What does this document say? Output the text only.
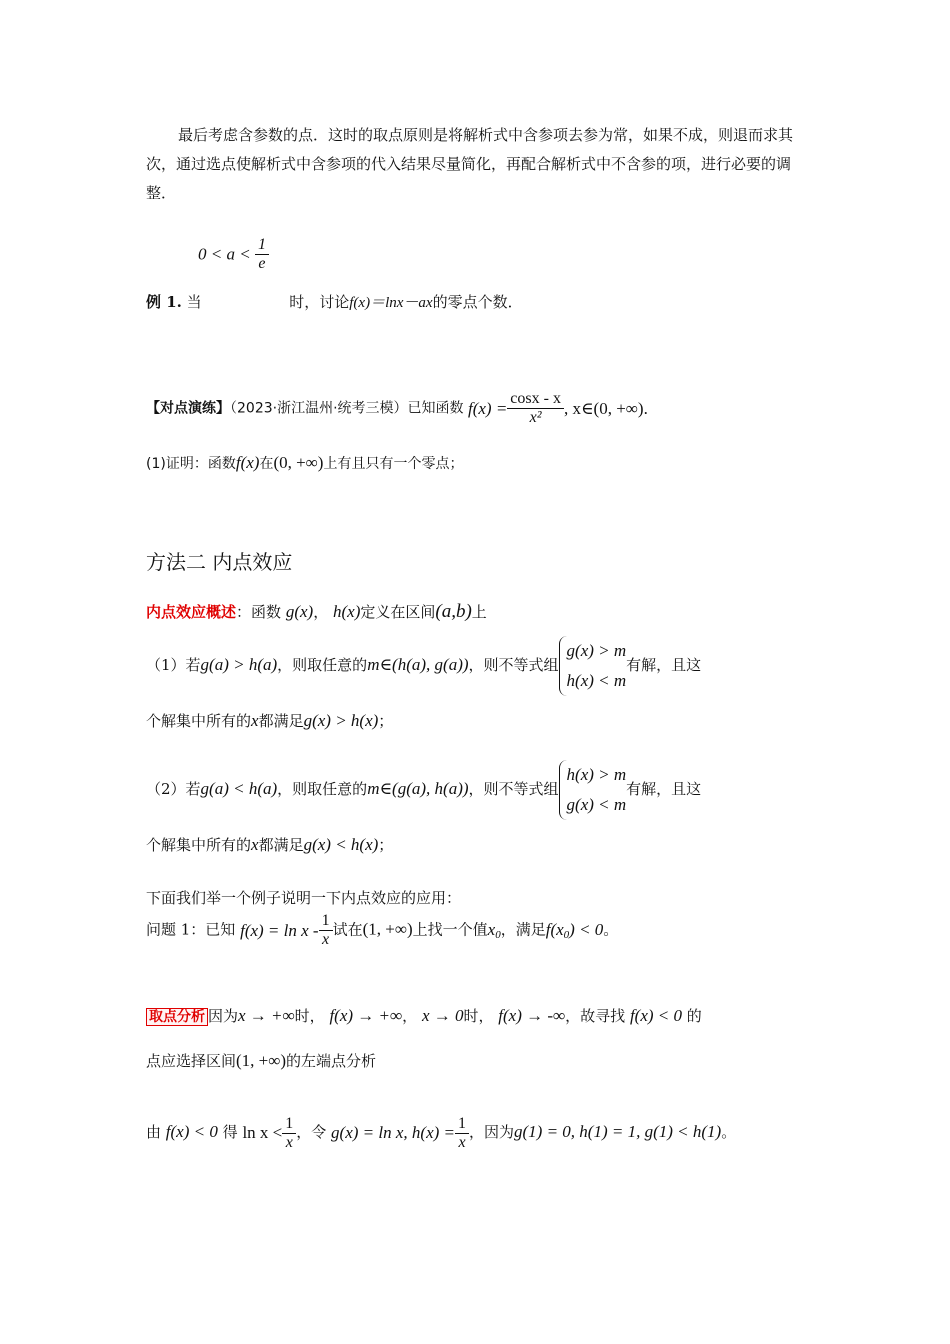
最后考虑含参数的点．这时的取点原则是将解析式中含参项去参为常，如果不成，则退而求其次，通过选点使解析式中含参项的代入结果尽量简化，再配合解析式中不含参的项，进行必要的调整．
$0 < a < \frac{1}{e}$
例 1. 当	时，讨论f(x)＝lnx－ax的零点个数．
【对点演练】（2023·浙江温州·统考三模）已知函数 $f(x) = \frac{\cos x - x}{\text{x²}}$ , x∈(0, +∞).
(1)证明：函数f(x)在(0, +∞)上有且只有一个零点；
方法二 内点效应
内点效应概述：函数 g(x)， h(x)定义在区间(a,b)上
（1）若g(a) > h(a)，则取任意的m∈(h(a), g(a))，则不等式组g(x) > m
h(x) < m有解，且这
个解集中所有的x都满足g(x) > h(x)；
（2）若g(a) < h(a)，则取任意的m∈(g(a), h(a))，则不等式组h(x) > m
g(x) < m有解，且这
个解集中所有的x都满足g(x) < h(x)；
下面我们举一个例子说明一下内点效应的应用：
问题 1：已知 $f(x) = \ln x - \frac{1}{x}$ 试在(1, +∞)上找一个值$x_0$，满足$f(x_0) < 0$。
取点分析 因为x → +∞时， f(x) → +∞， x → 0时， f(x) → -∞，故寻找 f(x) < 0 的
点应选择区间(1, +∞)的左端点分析
由 f(x) < 0 得 $\ln x < \frac{1}{x}$ ，令 g(x) = ln x, $h(x) = \frac{1}{x}$ ，因为g(1) = 0, h(1) = 1, g(1) < h(1)。
